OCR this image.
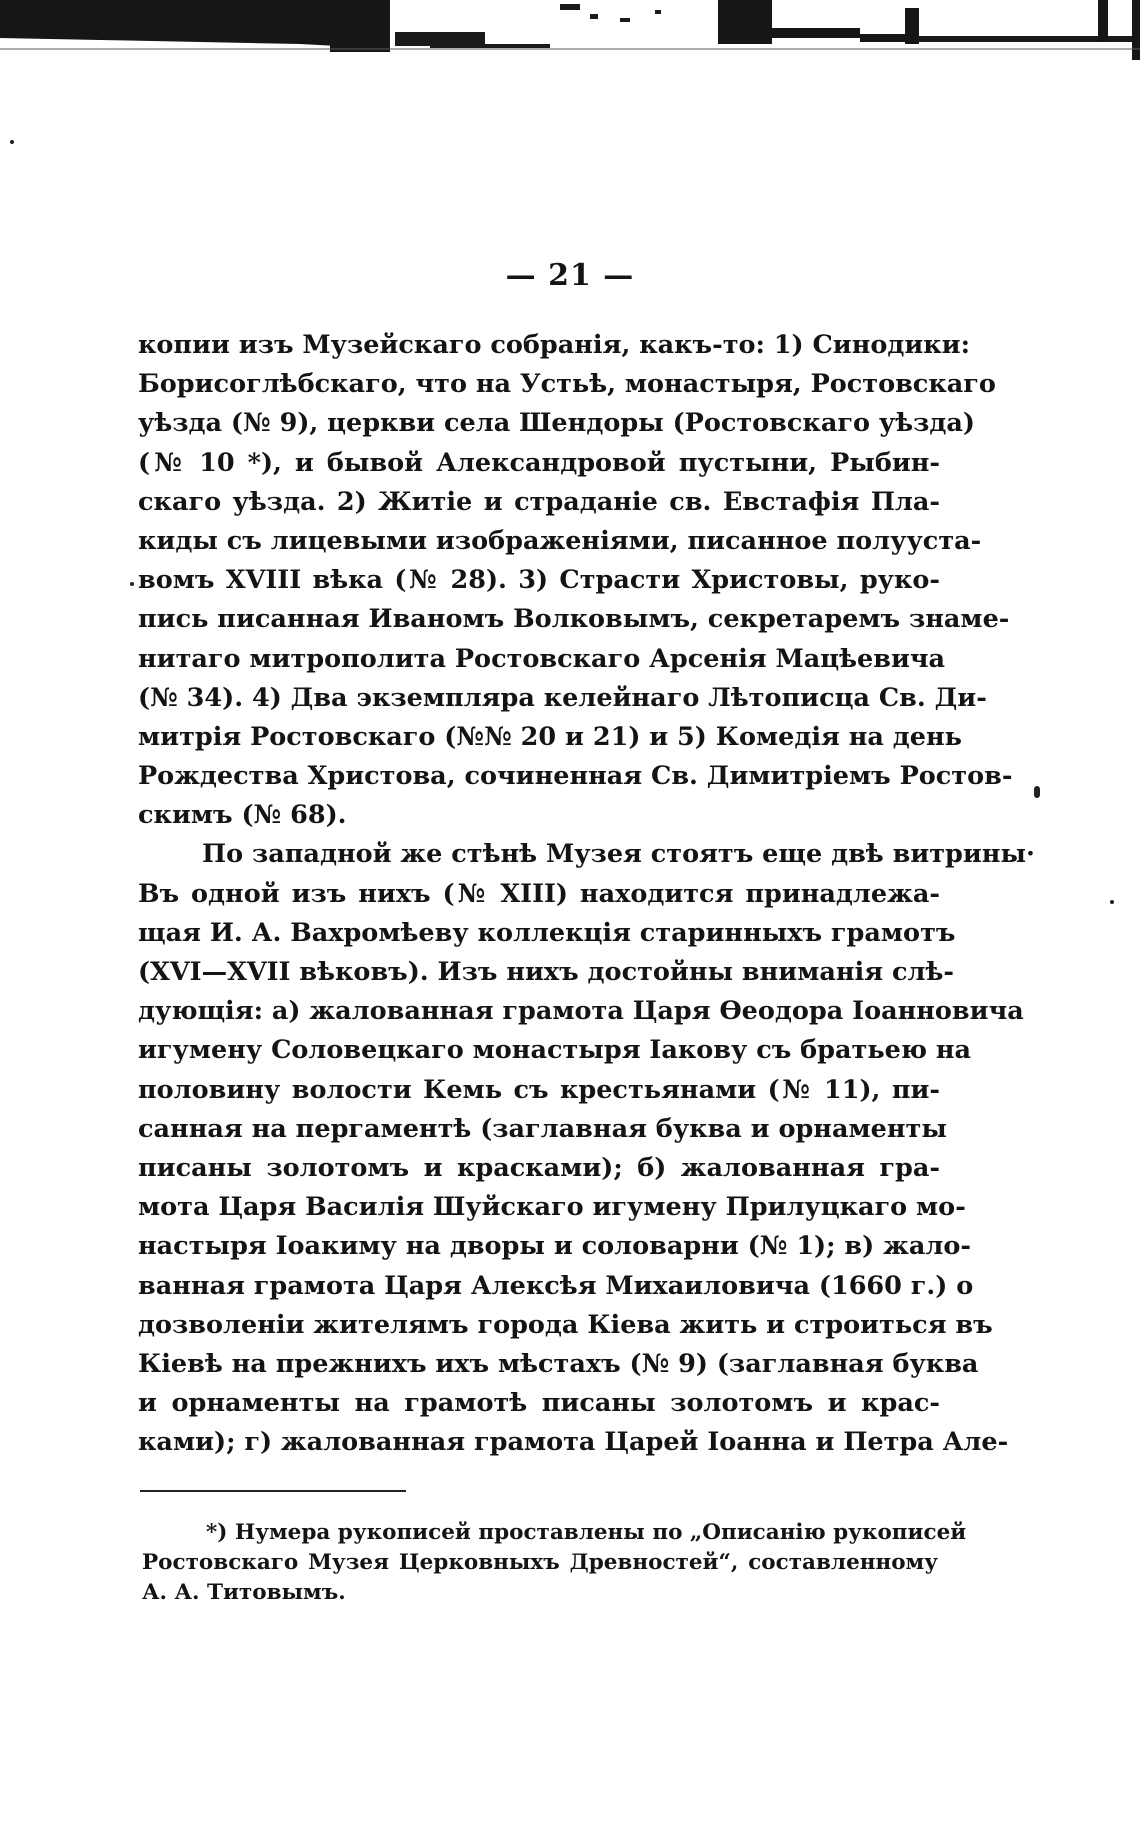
— 21 —
копии изъ Музейскаго собранія, какъ-то: 1) Синодики:
Борисоглѣбскаго, что на Устьѣ, монастыря, Ростовскаго
уѣзда (№ 9), церкви села Шендоры (Ростовскаго уѣзда)
(№ 10 *), и бывой Александровой пустыни, Рыбин-
скаго уѣзда. 2) Житіе и страданіе св. Евстафія Пла-
киды съ лицевыми изображеніями, писанное полууста-
вомъ XVIII вѣка (№ 28). 3) Страсти Христовы, руко-
пись писанная Иваномъ Волковымъ, секретаремъ знаме-
нитаго митрополита Ростовскаго Арсенія Мацѣевича
(№ 34). 4) Два экземпляра келейнаго Лѣтописца Св. Ди-
митрія Ростовскаго (№№ 20 и 21) и 5) Комедія на день
Рождества Христова, сочиненная Св. Димитріемъ Ростов-
скимъ (№ 68).
По западной же стѣнѣ Музея стоятъ еще двѣ витрины·
Въ одной изъ нихъ (№ XIII) находится принадлежа-
щая И. А. Вахромѣеву коллекція старинныхъ грамотъ
(XVI—XVII вѣковъ). Изъ нихъ достойны вниманія слѣ-
дующія: а) жалованная грамота Царя Ѳеодора Іоанновича
игумену Соловецкаго монастыря Іакову съ братьею на
половину волости Кемь съ крестьянами (№ 11), пи-
санная на пергаментѣ (заглавная буква и орнаменты
писаны золотомъ и красками); б) жалованная гра-
мота Царя Василія Шуйскаго игумену Прилуцкаго мо-
настыря Іоакиму на дворы и соловарни (№ 1); в) жало-
ванная грамота Царя Алексѣя Михаиловича (1660 г.) о
дозволеніи жителямъ города Кіева жить и строиться въ
Кіевѣ на прежнихъ ихъ мѣстахъ (№ 9) (заглавная буква
и орнаменты на грамотѣ писаны золотомъ и крас-
ками); г) жалованная грамота Царей Іоанна и Петра Але-
*) Нумера рукописей проставлены по „Описанію рукописей
Ростовскаго Музея Церковныхъ Древностей“, составленному
А. А. Титовымъ.
